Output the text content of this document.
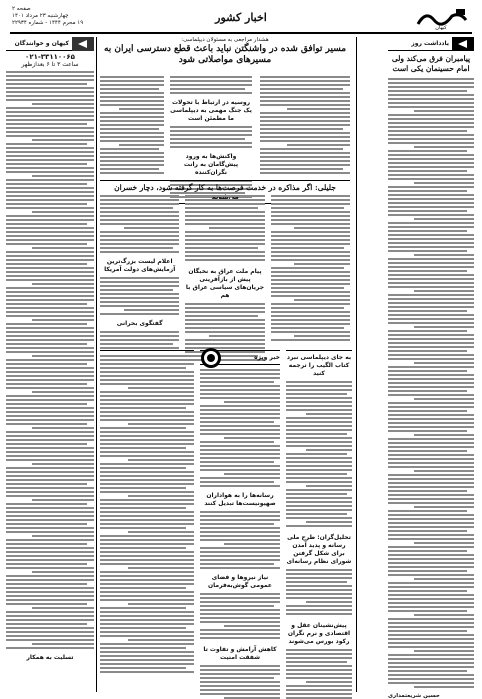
کیهان
اخبار کشور
صفحه ۲
چهارشنبه ۲۳ مرداد ۱۴۰۱
۱۹ محرم ۱۴۴۴ - شماره ۲۲۹۳۴
یادداشت روز
پیامبران فرق می‌کند ولی امام حسینمان یکی است
حسین شریعتمداری
هشدار مراجعی به مسئولان دیپلماسی:
مسیر توافق شده در واشنگتن نباید باعث قطع دسترسی ایران به مسیرهای مواصلاتی شود
روسیه در ارتباط با تحولات یک جنگ مهمی به دیپلماسی ما مطمئن است
واکنش‌ها به ورود پیش‌گامان به رانت نگران‌کننده
جلیلی: اگر مذاکره در خدمت فرصت‌ها به کار گرفته شود، دچار خسران
پیام ملت عراق به نخبگان پیش از بازآفرینی جریان‌های سیاسی عراق با هم
اعلام لیست بزرگ‌ترین آزمایش‌های دولت آمریکا
گفتگوی بحرانی
خبر ویژه
رسانه‌ها را به هواداران صهیونیست‌ها تبدیل کنند
نیاز نیروها و فضای عمومی گوش‌به‌فرمان
کاهش آرامش و تفاوت تا شفقت امنیت
به جای دیپلماسی نبرد کتاب الگیب را ترجمه کنید
تحلیل‌گران: طرح ملی رسانه و پدید آمدن برای شکل گرفتن شورای نظام رسانه‌ای
پیش‌نشینان عقل و اقتصادی و نرم نگران رکود بورس می‌شوند
کیهان و خوانندگان
۰۲۱-۳۳۱۱۰۰۶۵
ساعت ۳ تا ۶ بعدازظهر
تسلیت به همکار
